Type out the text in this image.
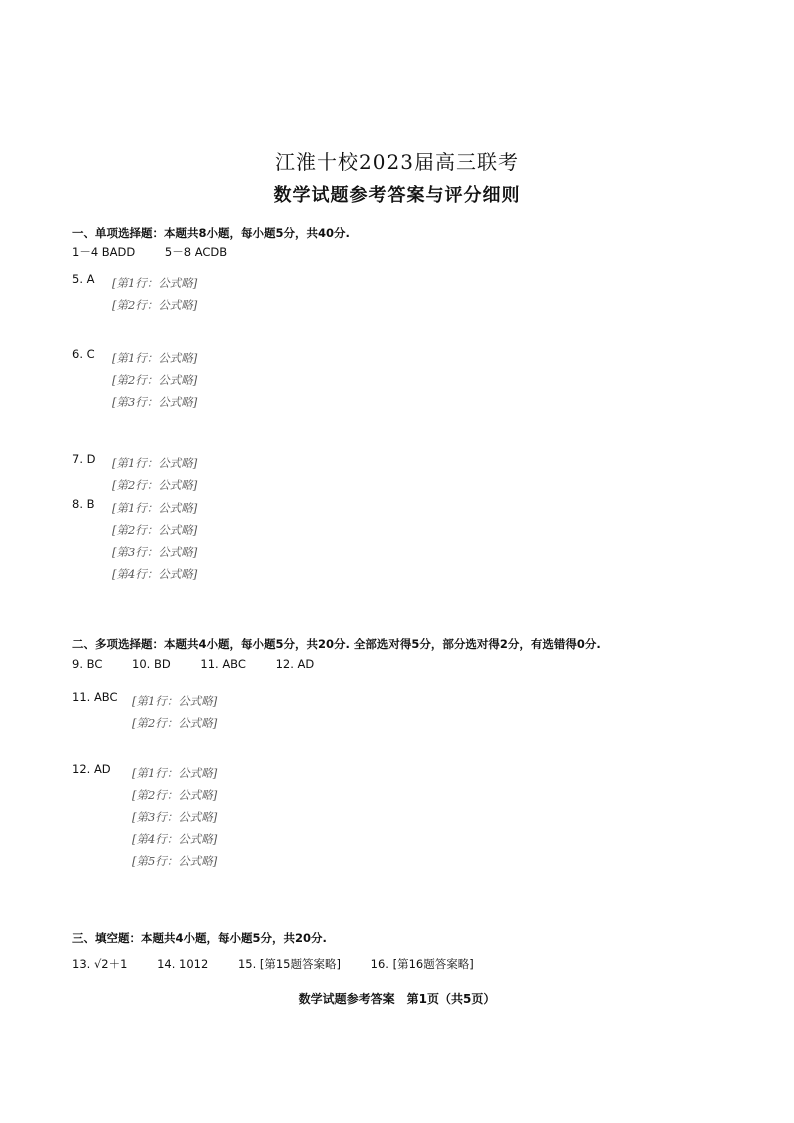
江淮十校2023届高三联考
数学试题参考答案与评分细则
一、单项选择题：本题共8小题，每小题5分，共40分.
1－4 BADD	5－8 ACDB
5. A [第1行：公式略]
[第2行：公式略]
6. C [第1行：公式略]
[第2行：公式略]
[第3行：公式略]
7. D [第1行：公式略]
[第2行：公式略]
8. B [第1行：公式略]
[第2行：公式略]
[第3行：公式略]
[第4行：公式略]
二、多项选择题：本题共4小题，每小题5分，共20分. 全部选对得5分，部分选对得2分，有选错得0分.
9. BC	10. BD	11. ABC	12. AD
11. ABC [第1行：公式略]
[第2行：公式略]
12. AD [第1行：公式略]
[第2行：公式略]
[第3行：公式略]
[第4行：公式略]
[第5行：公式略]
三、填空题：本题共4小题，每小题5分，共20分.
13. √2＋1	14. 1012	15. [第15题答案略]	16. [第16题答案略]
数学试题参考答案　第1页（共5页）
